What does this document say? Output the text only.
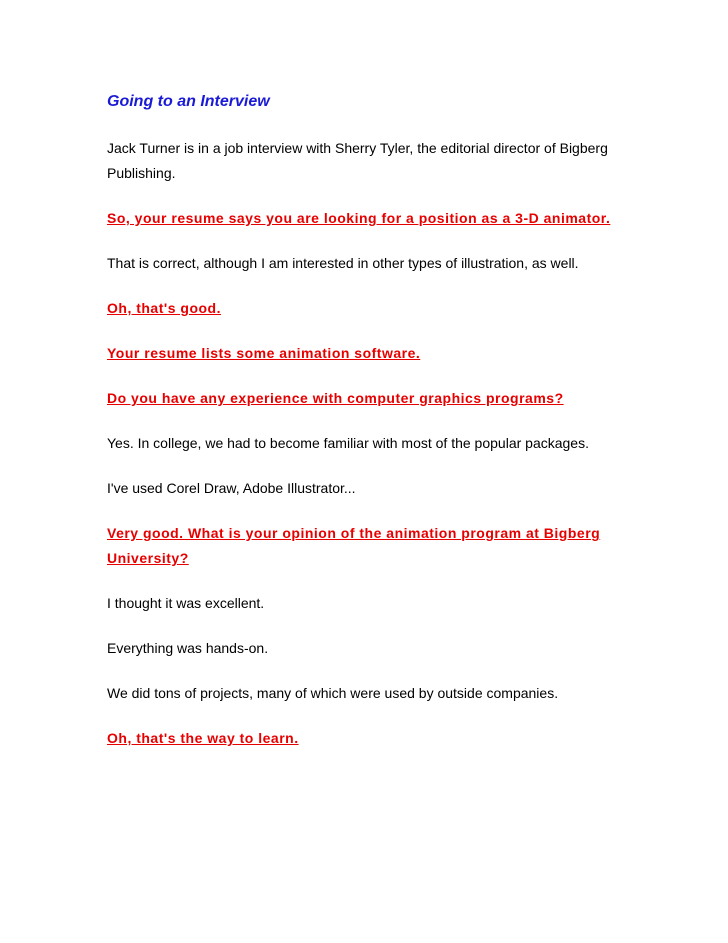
Going to an Interview
Jack Turner is in a job interview with Sherry Tyler, the editorial director of Bigberg Publishing.
So, your resume says you are looking for a position as a 3-D animator.
That is correct, although I am interested in other types of illustration, as well.
Oh, that's good.
Your resume lists some animation software.
Do you have any experience with computer graphics programs?
Yes. In college, we had to become familiar with most of the popular packages.
I've used Corel Draw, Adobe Illustrator...
Very good. What is your opinion of the animation program at Bigberg University?
I thought it was excellent.
Everything was hands-on.
We did tons of projects, many of which were used by outside companies.
Oh, that's the way to learn.
